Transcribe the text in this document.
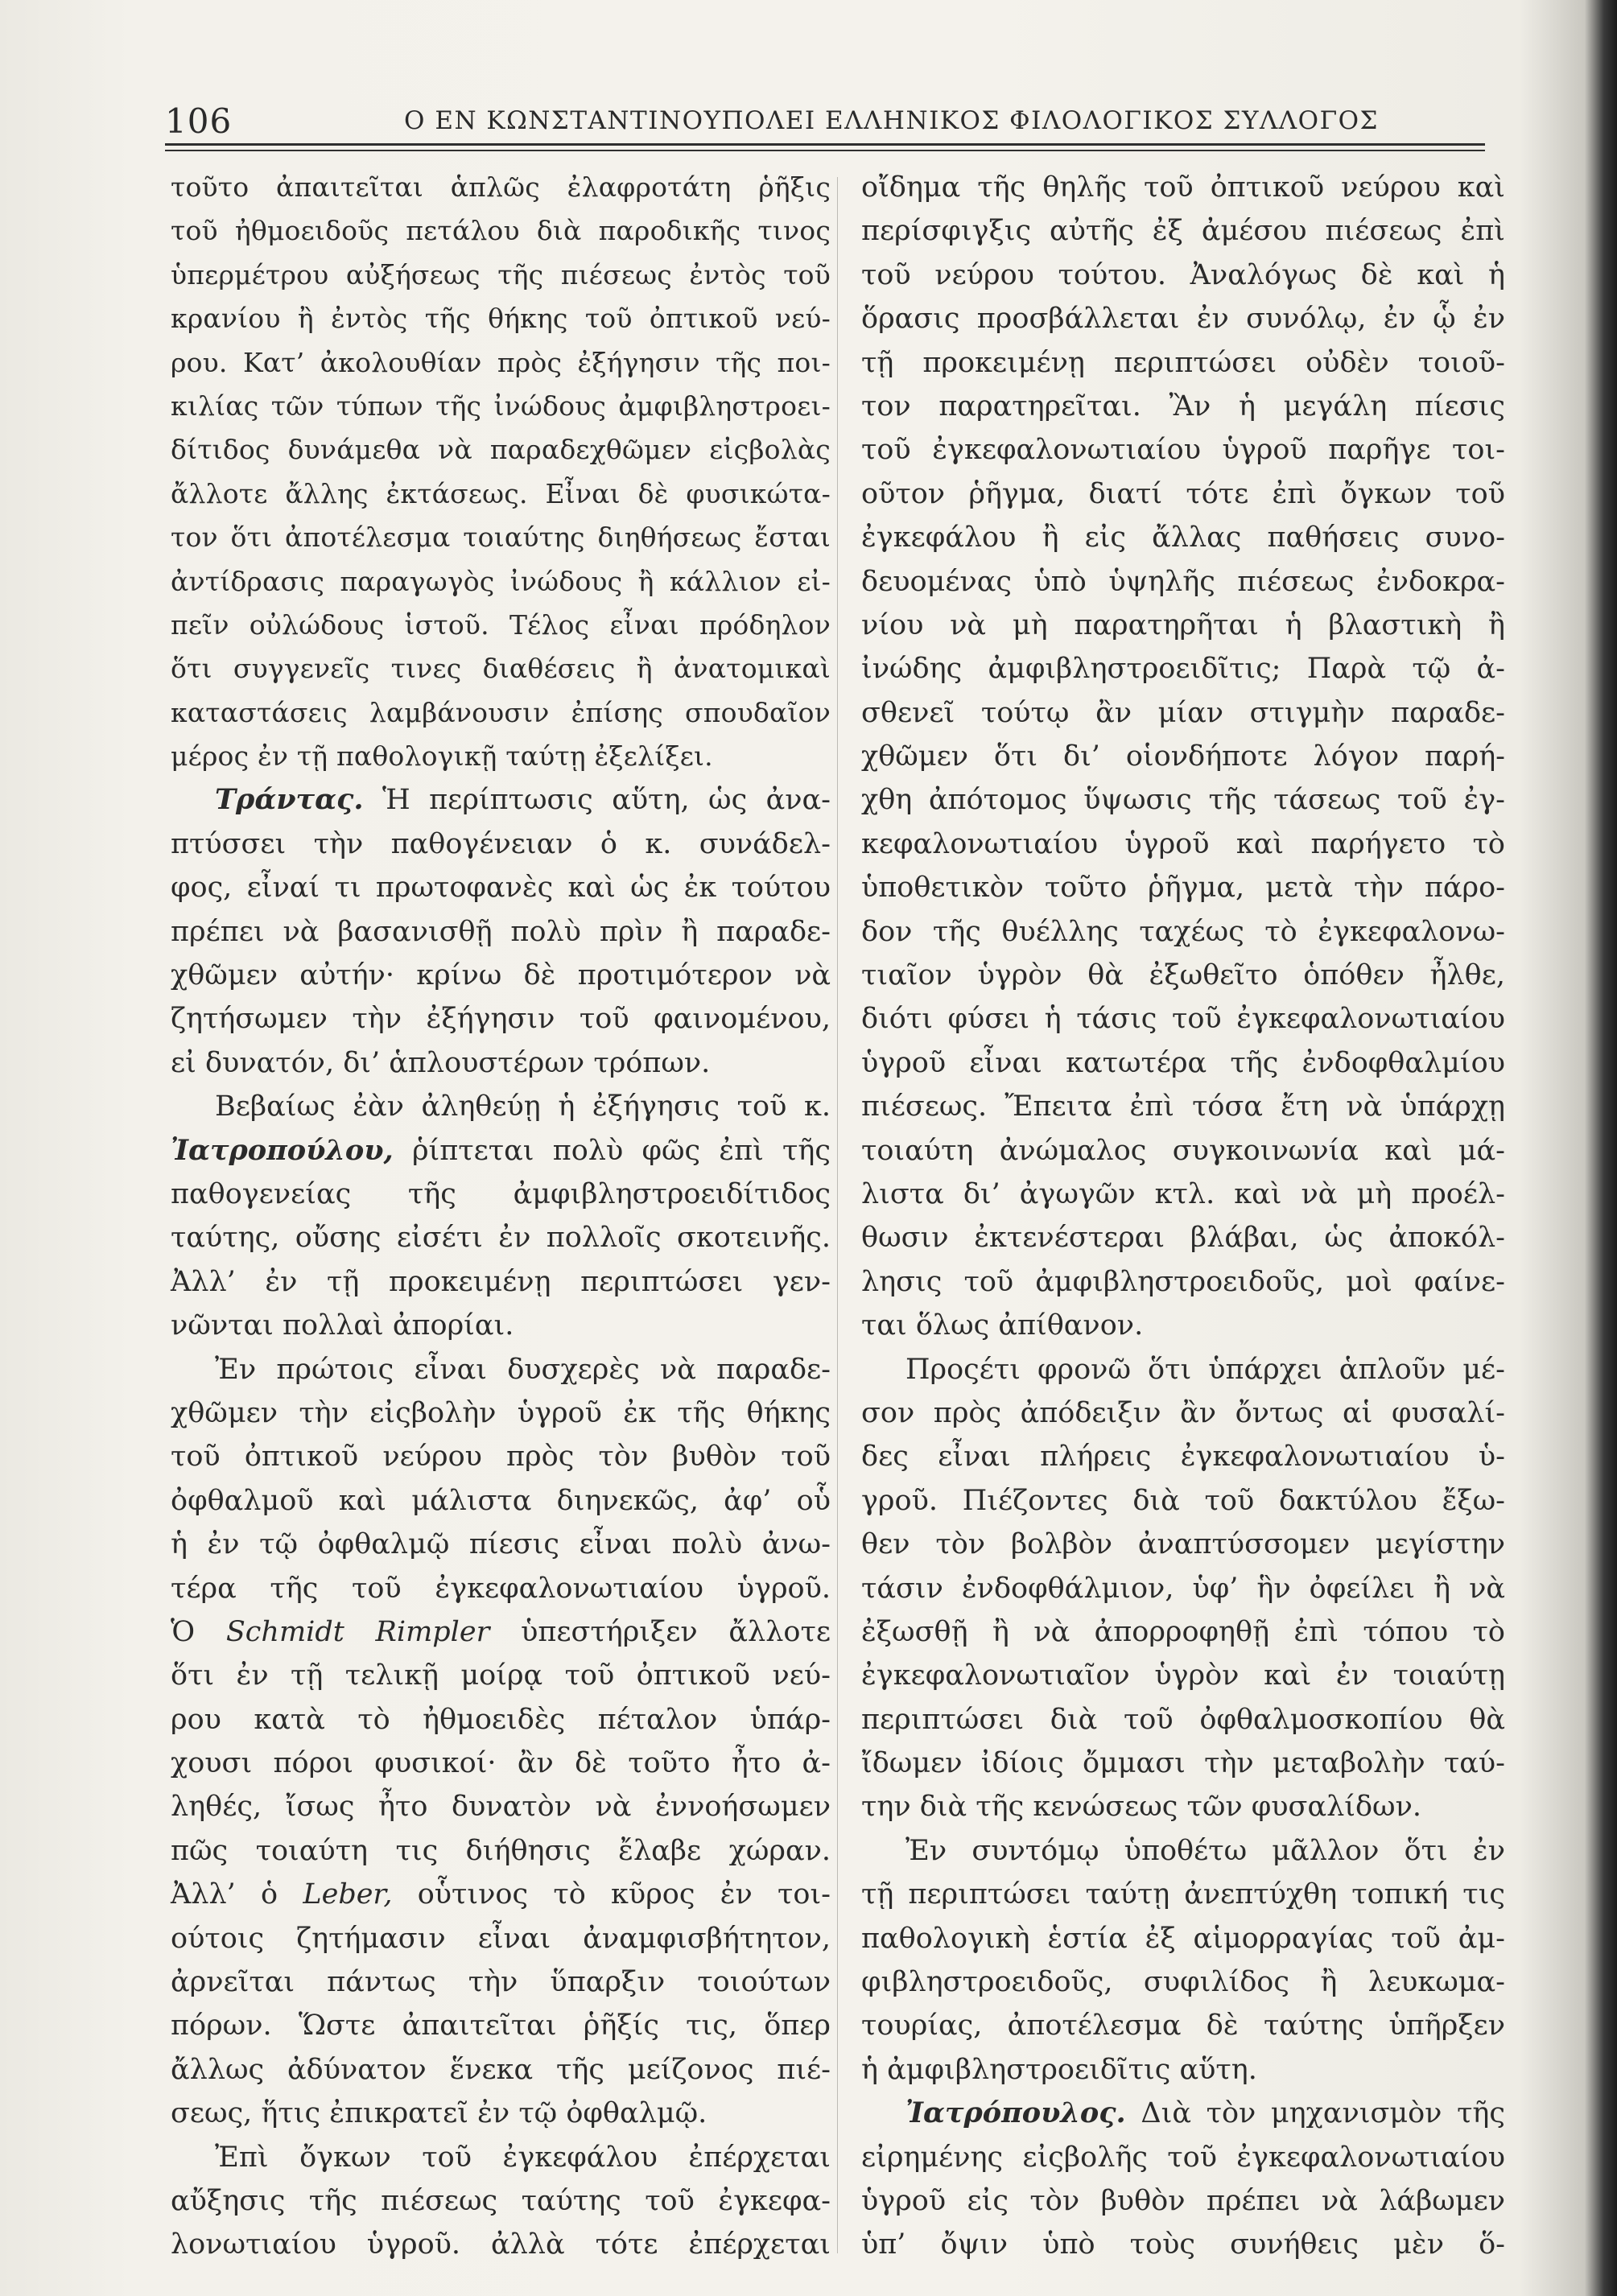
106	Ο ΕΝ ΚΩΝΣΤΑΝΤΙΝΟΥΠΟΛΕΙ ΕΛΛΗΝΙΚΟΣ ΦΙΛΟΛΟΓΙΚΟΣ ΣΥΛΛΟΓΟΣ
τοῦτο ἀπαιτεῖται ἁπλῶς ἐλαφροτάτη ῥῆξις
τοῦ ἠθμοειδοῦς πετάλου διὰ παροδικῆς τινος
ὑπερμέτρου αὐξήσεως τῆς πιέσεως ἐντὸς τοῦ
κρανίου ἢ ἐντὸς τῆς θήκης τοῦ ὀπτικοῦ νεύ-
ρου. Κατ’ ἀκολουθίαν πρὸς ἐξήγησιν τῆς ποι-
κιλίας τῶν τύπων τῆς ἰνώδους ἀμφιβληστροει-
δίτιδος δυνάμεθα νὰ παραδεχθῶμεν εἰςβολὰς
ἄλλοτε ἄλλης ἐκτάσεως. Εἶναι δὲ φυσικώτα-
τον ὅτι ἀποτέλεσμα τοιαύτης διηθήσεως ἔσται
ἀντίδρασις παραγωγὸς ἰνώδους ἢ κάλλιον εἰ-
πεῖν οὐλώδους ἱστοῦ. Τέλος εἶναι πρόδηλον
ὅτι συγγενεῖς τινες διαθέσεις ἢ ἀνατομικαὶ
καταστάσεις λαμβάνουσιν ἐπίσης σπουδαῖον
μέρος ἐν τῇ παθολογικῇ ταύτῃ ἐξελίξει.
Τράντας. Ἡ περίπτωσις αὕτη, ὡς ἀνα-
πτύσσει τὴν παθογένειαν ὁ κ. συνάδελ-
φος, εἶναί τι πρωτοφανὲς καὶ ὡς ἐκ τούτου
πρέπει νὰ βασανισθῇ πολὺ πρὶν ἢ παραδε-
χθῶμεν αὐτήν· κρίνω δὲ προτιμότερον νὰ
ζητήσωμεν τὴν ἐξήγησιν τοῦ φαινομένου,
εἰ δυνατόν, δι’ ἁπλουστέρων τρόπων.
Βεβαίως ἐὰν ἀληθεύῃ ἡ ἐξήγησις τοῦ κ.
Ἰατροπούλου, ῥίπτεται πολὺ φῶς ἐπὶ τῆς
παθογενείας τῆς ἀμφιβληστροειδίτιδος
ταύτης, οὔσης εἰσέτι ἐν πολλοῖς σκοτεινῆς.
Ἀλλ’ ἐν τῇ προκειμένῃ περιπτώσει γεν-
νῶνται πολλαὶ ἀπορίαι.
Ἐν πρώτοις εἶναι δυσχερὲς νὰ παραδε-
χθῶμεν τὴν εἰςβολὴν ὑγροῦ ἐκ τῆς θήκης
τοῦ ὀπτικοῦ νεύρου πρὸς τὸν βυθὸν τοῦ
ὀφθαλμοῦ καὶ μάλιστα διηνεκῶς, ἀφ’ οὗ
ἡ ἐν τῷ ὀφθαλμῷ πίεσις εἶναι πολὺ ἀνω-
τέρα τῆς τοῦ ἐγκεφαλονωτιαίου ὑγροῦ.
Ὁ Schmidt Rimpler ὑπεστήριξεν ἄλλοτε
ὅτι ἐν τῇ τελικῇ μοίρᾳ τοῦ ὀπτικοῦ νεύ-
ρου κατὰ τὸ ἠθμοειδὲς πέταλον ὑπάρ-
χουσι πόροι φυσικοί· ἂν δὲ τοῦτο ἦτο ἀ-
ληθές, ἴσως ἦτο δυνατὸν νὰ ἐννοήσωμεν
πῶς τοιαύτη τις διήθησις ἔλαβε χώραν.
Ἀλλ’ ὁ Leber, οὗτινος τὸ κῦρος ἐν τοι-
ούτοις ζητήμασιν εἶναι ἀναμφισβήτητον,
ἀρνεῖται πάντως τὴν ὕπαρξιν τοιούτων
πόρων. Ὥστε ἀπαιτεῖται ῥῆξίς τις, ὅπερ
ἄλλως ἀδύνατον ἕνεκα τῆς μείζονος πιέ-
σεως, ἥτις ἐπικρατεῖ ἐν τῷ ὀφθαλμῷ.
Ἐπὶ ὄγκων τοῦ ἐγκεφάλου ἐπέρχεται
αὔξησις τῆς πιέσεως ταύτης τοῦ ἐγκεφα-
λονωτιαίου ὑγροῦ. ἀλλὰ τότε ἐπέρχεται
οἴδημα τῆς θηλῆς τοῦ ὀπτικοῦ νεύρου καὶ
περίσφιγξις αὐτῆς ἐξ ἀμέσου πιέσεως ἐπὶ
τοῦ νεύρου τούτου. Ἀναλόγως δὲ καὶ ἡ
ὅρασις προσβάλλεται ἐν συνόλῳ, ἐν ᾧ ἐν
τῇ προκειμένῃ περιπτώσει οὐδὲν τοιοῦ-
τον παρατηρεῖται. Ἂν ἡ μεγάλη πίεσις
τοῦ ἐγκεφαλονωτιαίου ὑγροῦ παρῆγε τοι-
οῦτον ῥῆγμα, διατί τότε ἐπὶ ὄγκων τοῦ
ἐγκεφάλου ἢ εἰς ἄλλας παθήσεις συνο-
δευομένας ὑπὸ ὑψηλῆς πιέσεως ἐνδοκρα-
νίου νὰ μὴ παρατηρῆται ἡ βλαστικὴ ἢ
ἰνώδης ἀμφιβληστροειδῖτις; Παρὰ τῷ ἀ-
σθενεῖ τούτῳ ἂν μίαν στιγμὴν παραδε-
χθῶμεν ὅτι δι’ οἱονδήποτε λόγον παρή-
χθη ἀπότομος ὕψωσις τῆς τάσεως τοῦ ἐγ-
κεφαλονωτιαίου ὑγροῦ καὶ παρήγετο τὸ
ὑποθετικὸν τοῦτο ῥῆγμα, μετὰ τὴν πάρο-
δον τῆς θυέλλης ταχέως τὸ ἐγκεφαλονω-
τιαῖον ὑγρὸν θὰ ἐξωθεῖτο ὁπόθεν ἦλθε,
διότι φύσει ἡ τάσις τοῦ ἐγκεφαλονωτιαίου
ὑγροῦ εἶναι κατωτέρα τῆς ἐνδοφθαλμίου
πιέσεως. Ἔπειτα ἐπὶ τόσα ἔτη νὰ ὑπάρχῃ
τοιαύτη ἀνώμαλος συγκοινωνία καὶ μά-
λιστα δι’ ἀγωγῶν κτλ. καὶ νὰ μὴ προέλ-
θωσιν ἐκτενέστεραι βλάβαι, ὡς ἀποκόλ-
λησις τοῦ ἀμφιβληστροειδοῦς, μοὶ φαίνε-
ται ὅλως ἀπίθανον.
Προςέτι φρονῶ ὅτι ὑπάρχει ἁπλοῦν μέ-
σον πρὸς ἀπόδειξιν ἂν ὄντως αἱ φυσαλί-
δες εἶναι πλήρεις ἐγκεφαλονωτιαίου ὑ-
γροῦ. Πιέζοντες διὰ τοῦ δακτύλου ἔξω-
θεν τὸν βολβὸν ἀναπτύσσομεν μεγίστην
τάσιν ἐνδοφθάλμιον, ὑφ’ ἣν ὀφείλει ἢ νὰ
ἐξωσθῇ ἢ νὰ ἀπορροφηθῇ ἐπὶ τόπου τὸ
ἐγκεφαλονωτιαῖον ὑγρὸν καὶ ἐν τοιαύτῃ
περιπτώσει διὰ τοῦ ὀφθαλμοσκοπίου θὰ
ἴδωμεν ἰδίοις ὄμμασι τὴν μεταβολὴν ταύ-
την διὰ τῆς κενώσεως τῶν φυσαλίδων.
Ἐν συντόμῳ ὑποθέτω μᾶλλον ὅτι ἐν
τῇ περιπτώσει ταύτῃ ἀνεπτύχθη τοπική τις
παθολογικὴ ἑστία ἐξ αἱμορραγίας τοῦ ἀμ-
φιβληστροειδοῦς, συφιλίδος ἢ λευκωμα-
τουρίας, ἀποτέλεσμα δὲ ταύτης ὑπῆρξεν
ἡ ἀμφιβληστροειδῖτις αὕτη.
Ἰατρόπουλος. Διὰ τὸν μηχανισμὸν τῆς
εἰρημένης εἰςβολῆς τοῦ ἐγκεφαλονωτιαίου
ὑγροῦ εἰς τὸν βυθὸν πρέπει νὰ λάβωμεν
ὑπ’ ὄψιν ὑπὸ τοὺς συνήθεις μὲν ὅ-
